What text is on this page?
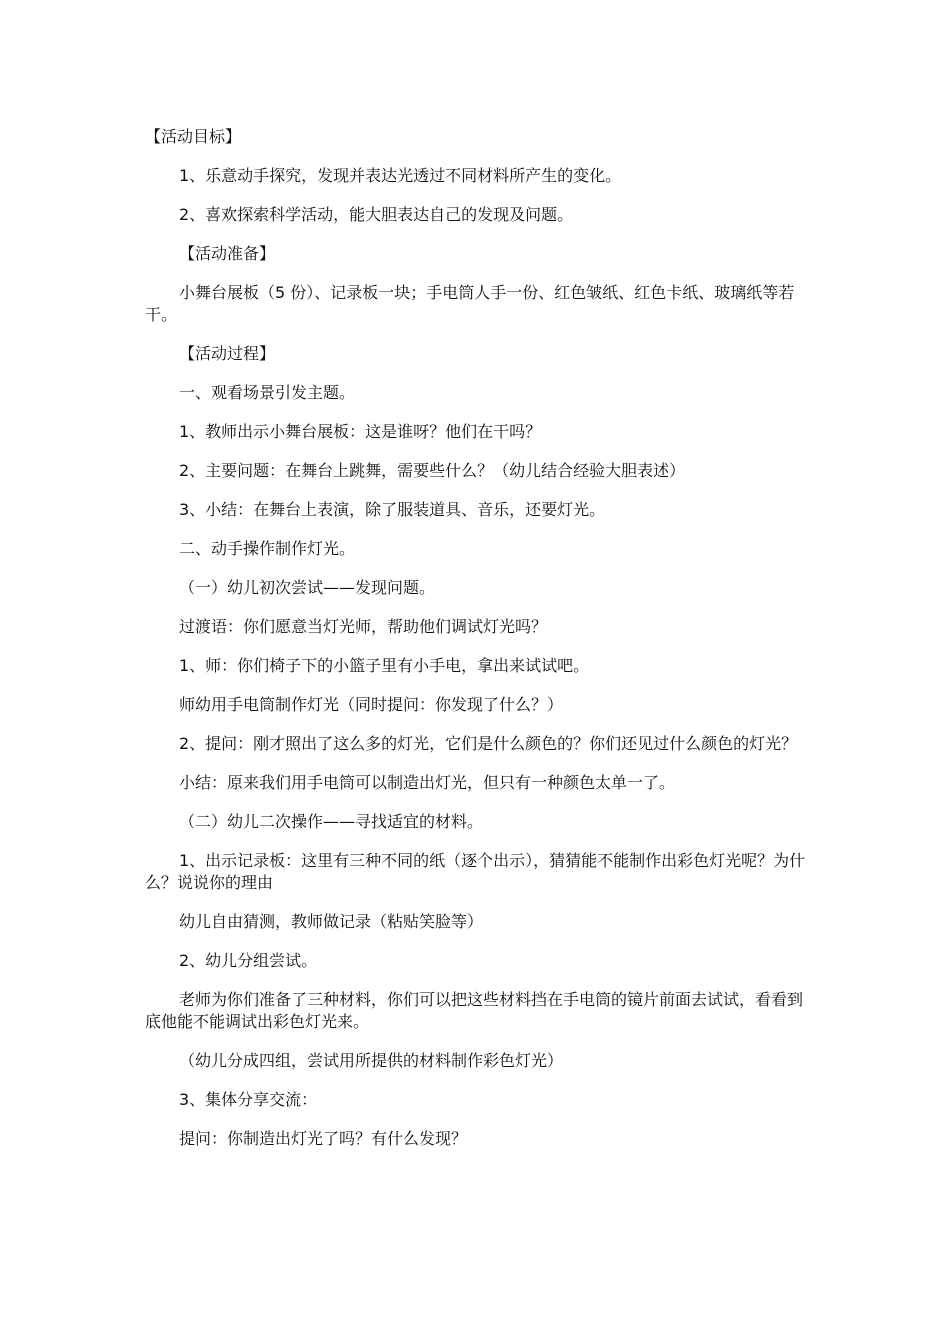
【活动目标】

1、乐意动手探究，发现并表达光透过不同材料所产生的变化。

2、喜欢探索科学活动，能大胆表达自己的发现及问题。

【活动准备】

小舞台展板（5 份）、记录板一块；手电筒人手一份、红色皱纸、红色卡纸、玻璃纸等若干。

【活动过程】

一、观看场景引发主题。

1、教师出示小舞台展板：这是谁呀？他们在干吗？

2、主要问题：在舞台上跳舞，需要些什么？（幼儿结合经验大胆表述）

3、小结：在舞台上表演，除了服装道具、音乐，还要灯光。

二、动手操作制作灯光。

（一）幼儿初次尝试——发现问题。

过渡语：你们愿意当灯光师，帮助他们调试灯光吗？

1、师：你们椅子下的小篮子里有小手电，拿出来试试吧。

师幼用手电筒制作灯光（同时提问：你发现了什么？）

2、提问：刚才照出了这么多的灯光，它们是什么颜色的？你们还见过什么颜色的灯光？

小结：原来我们用手电筒可以制造出灯光，但只有一种颜色太单一了。

（二）幼儿二次操作——寻找适宜的材料。

1、出示记录板：这里有三种不同的纸（逐个出示），猜猜能不能制作出彩色灯光呢？为什么？说说你的理由

幼儿自由猜测，教师做记录（粘贴笑脸等）

2、幼儿分组尝试。

老师为你们准备了三种材料，你们可以把这些材料挡在手电筒的镜片前面去试试，看看到底他能不能调试出彩色灯光来。

（幼儿分成四组，尝试用所提供的材料制作彩色灯光）

3、集体分享交流：

提问：你制造出灯光了吗？有什么发现？
